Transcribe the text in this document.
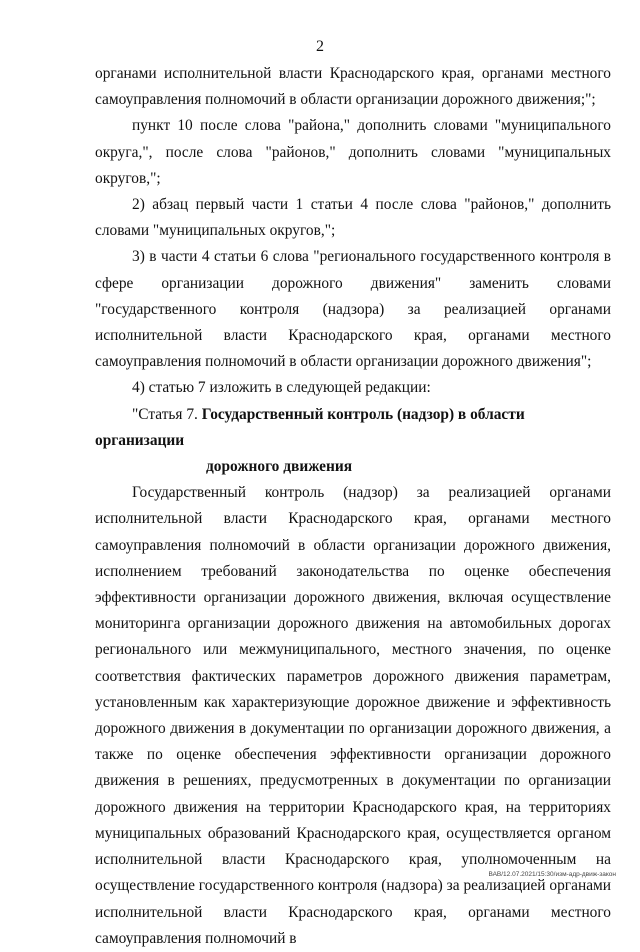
2

органами исполнительной власти Краснодарского края, органами местного самоуправления полномочий в области организации дорожного движения;";

пункт 10 после слова "района," дополнить словами "муниципального округа,", после слова "районов," дополнить словами "муниципальных округов,";

2) абзац первый части 1 статьи 4 после слова "районов," дополнить словами "муниципальных округов,";

3) в части 4 статьи 6 слова "регионального государственного контроля в сфере организации дорожного движения" заменить словами "государственного контроля (надзора) за реализацией органами исполнительной власти Краснодарского края, органами местного самоуправления полномочий в области организации дорожного движения";

4) статью 7 изложить в следующей редакции:

"Статья 7. Государственный контроль (надзор) в области организации

дорожного движения

Государственный контроль (надзор) за реализацией органами исполнительной власти Краснодарского края, органами местного самоуправления полномочий в области организации дорожного движения, исполнением требований законодательства по оценке обеспечения эффективности организации дорожного движения, включая осуществление мониторинга организации дорожного движения на автомобильных дорогах регионального или межмуниципального, местного значения, по оценке соответствия фактических параметров дорожного движения параметрам, установленным как характеризующие дорожное движение и эффективность дорожного движения в документации по организации дорожного движения, а также по оценке обеспечения эффективности организации дорожного движения в решениях, предусмотренных в документации по организации дорожного движения на территории Краснодарского края, на территориях муниципальных образований Краснодарского края, осуществляется органом исполнительной власти Краснодарского края, уполномоченным на осуществление государственного контроля (надзора) за реализацией органами исполнительной власти Краснодарского края, органами местного самоуправления полномочий в

ВАВ/12.07.2021/15:30/изм-адр-движ-закон
